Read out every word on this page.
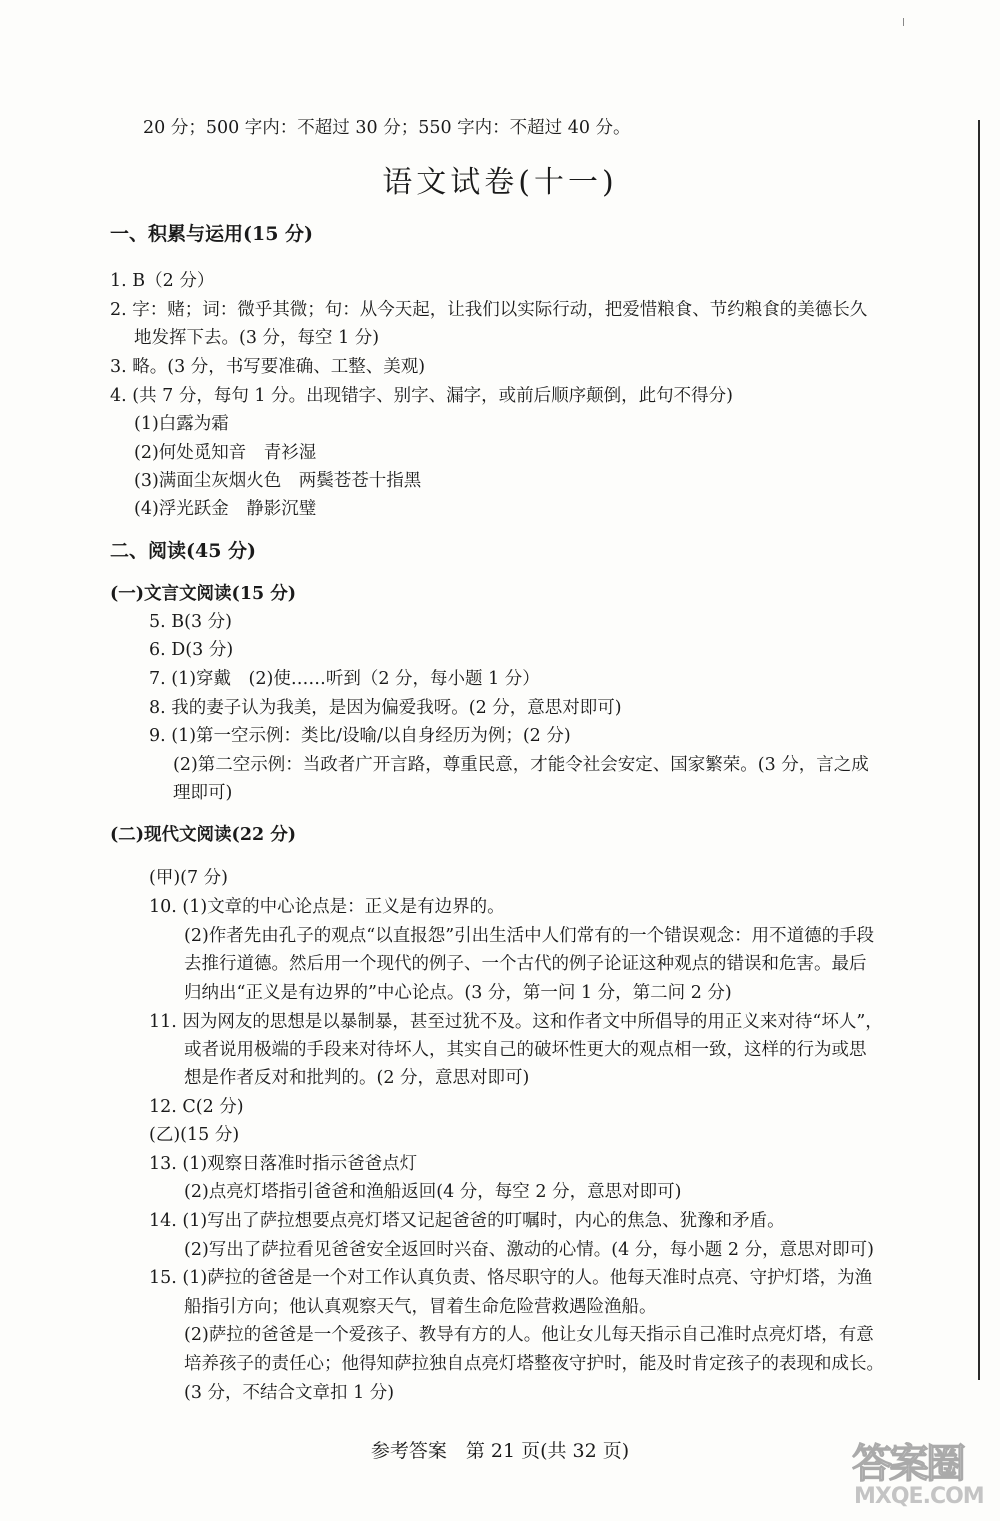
20 分；500 字内：不超过 30 分；550 字内：不超过 40 分。
语文试卷(十一)
一、积累与运用(15 分)
1. B（2 分）
2. 字：赌；词：微乎其微；句：从今天起，让我们以实际行动，把爱惜粮食、节约粮食的美德长久
地发挥下去。(3 分，每空 1 分)
3. 略。(3 分，书写要准确、工整、美观)
4. (共 7 分，每句 1 分。出现错字、别字、漏字，或前后顺序颠倒，此句不得分)
(1)白露为霜
(2)何处觅知音　青衫湿
(3)满面尘灰烟火色　两鬓苍苍十指黑
(4)浮光跃金　静影沉璧
二、阅读(45 分)
(一)文言文阅读(15 分)
5. B(3 分)
6. D(3 分)
7. (1)穿戴　(2)使……听到（2 分，每小题 1 分）
8. 我的妻子认为我美，是因为偏爱我呀。(2 分，意思对即可)
9. (1)第一空示例：类比/设喻/以自身经历为例；(2 分)
(2)第二空示例：当政者广开言路，尊重民意，才能令社会安定、国家繁荣。(3 分，言之成
理即可)
(二)现代文阅读(22 分)
(甲)(7 分)
10. (1)文章的中心论点是：正义是有边界的。
(2)作者先由孔子的观点“以直报怨”引出生活中人们常有的一个错误观念：用不道德的手段
去推行道德。然后用一个现代的例子、一个古代的例子论证这种观点的错误和危害。最后
归纳出“正义是有边界的”中心论点。(3 分，第一问 1 分，第二问 2 分)
11. 因为网友的思想是以暴制暴，甚至过犹不及。这和作者文中所倡导的用正义来对待“坏人”，
或者说用极端的手段来对待坏人，其实自己的破坏性更大的观点相一致，这样的行为或思
想是作者反对和批判的。(2 分，意思对即可)
12. C(2 分)
(乙)(15 分)
13. (1)观察日落准时指示爸爸点灯
(2)点亮灯塔指引爸爸和渔船返回(4 分，每空 2 分，意思对即可)
14. (1)写出了萨拉想要点亮灯塔又记起爸爸的叮嘱时，内心的焦急、犹豫和矛盾。
(2)写出了萨拉看见爸爸安全返回时兴奋、激动的心情。(4 分，每小题 2 分，意思对即可)
15. (1)萨拉的爸爸是一个对工作认真负责、恪尽职守的人。他每天准时点亮、守护灯塔，为渔
船指引方向；他认真观察天气，冒着生命危险营救遇险渔船。
(2)萨拉的爸爸是一个爱孩子、教导有方的人。他让女儿每天指示自己准时点亮灯塔，有意
培养孩子的责任心；他得知萨拉独自点亮灯塔整夜守护时，能及时肯定孩子的表现和成长。
(3 分，不结合文章扣 1 分)
参考答案　第 21 页(共 32 页)	答案圈
MXQE.COM
